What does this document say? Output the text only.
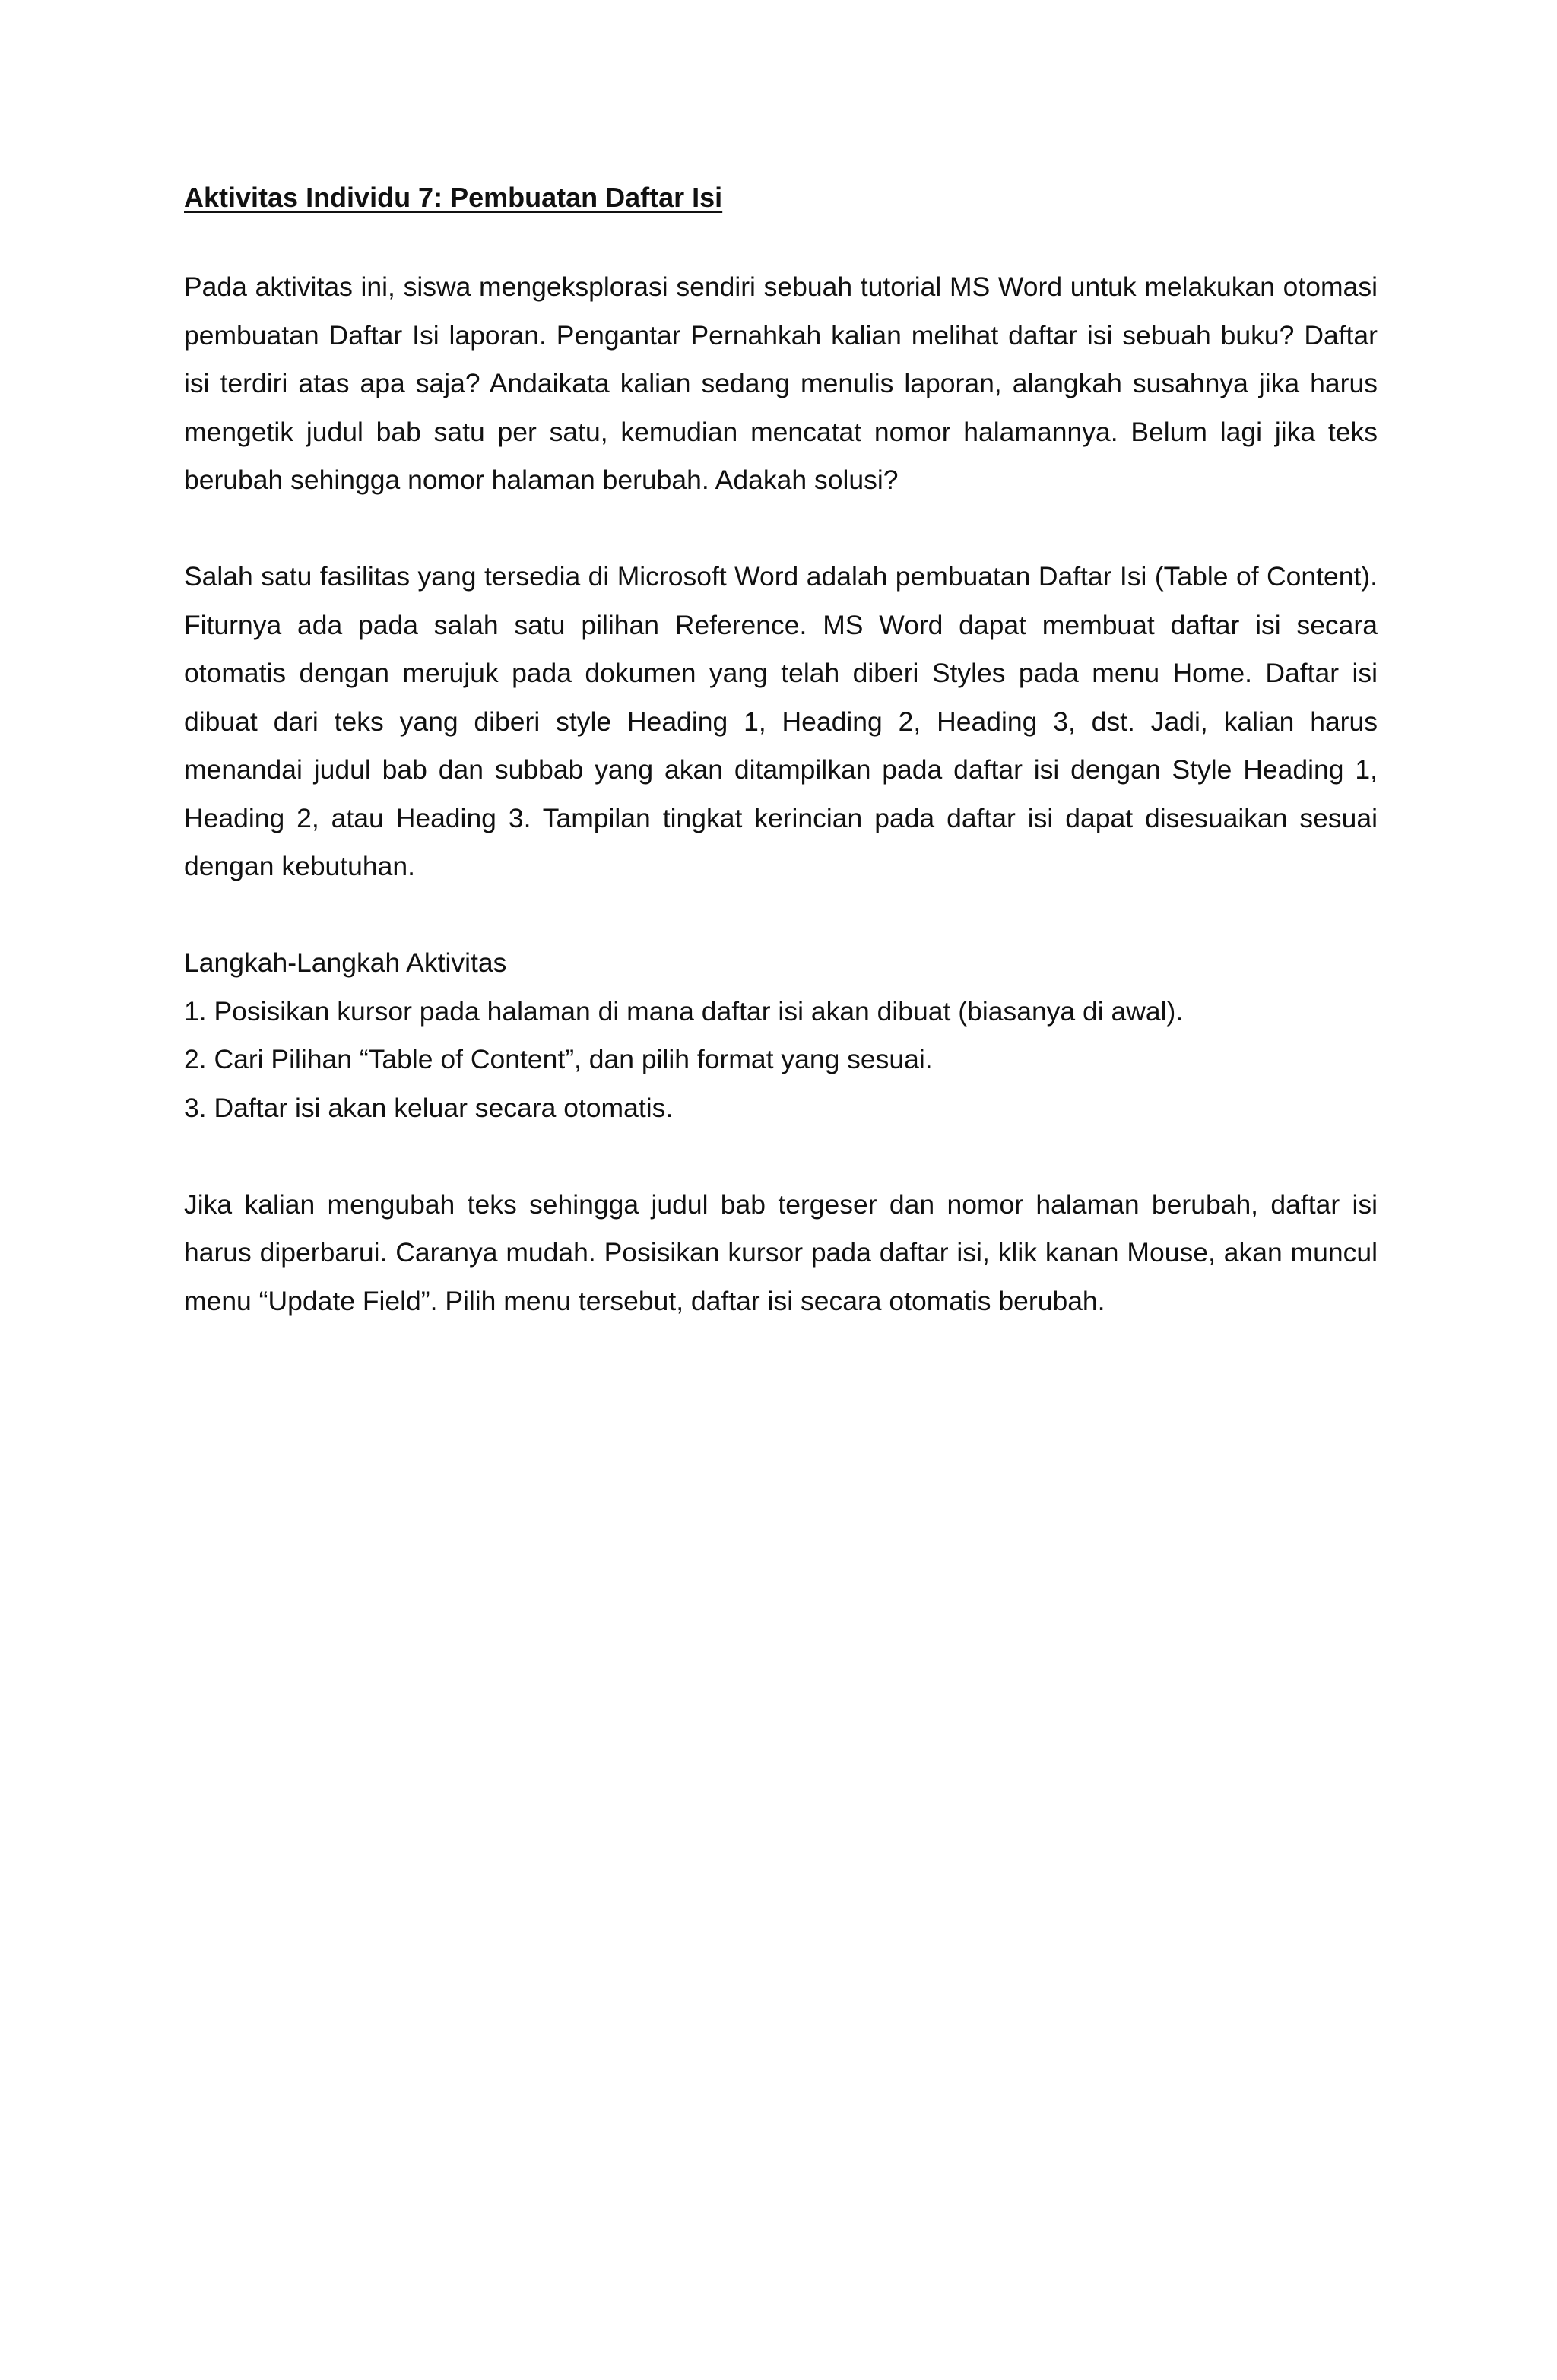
Aktivitas Individu 7: Pembuatan Daftar Isi

Pada aktivitas ini, siswa mengeksplorasi sendiri sebuah tutorial MS Word untuk melakukan otomasi pembuatan Daftar Isi laporan. Pengantar Pernahkah kalian melihat daftar isi sebuah buku? Daftar isi terdiri atas apa saja? Andaikata kalian sedang menulis laporan, alangkah susahnya jika harus mengetik judul bab satu per satu, kemudian mencatat nomor halamannya. Belum lagi jika teks berubah sehingga nomor halaman berubah. Adakah solusi?

Salah satu fasilitas yang tersedia di Microsoft Word adalah pembuatan Daftar Isi (Table of Content). Fiturnya ada pada salah satu pilihan Reference. MS Word dapat membuat daftar isi secara otomatis dengan merujuk pada dokumen yang telah diberi Styles pada menu Home. Daftar isi dibuat dari teks yang diberi style Heading 1, Heading 2, Heading 3, dst. Jadi, kalian harus menandai judul bab dan subbab yang akan ditampilkan pada daftar isi dengan Style Heading 1, Heading 2, atau Heading 3. Tampilan tingkat kerincian pada daftar isi dapat disesuaikan sesuai dengan kebutuhan.

Langkah-Langkah Aktivitas

1. Posisikan kursor pada halaman di mana daftar isi akan dibuat (biasanya di awal).

2. Cari Pilihan “Table of Content”, dan pilih format yang sesuai.

3. Daftar isi akan keluar secara otomatis.

Jika kalian mengubah teks sehingga judul bab tergeser dan nomor halaman berubah, daftar isi harus diperbarui. Caranya mudah. Posisikan kursor pada daftar isi, klik kanan Mouse, akan muncul menu “Update Field”. Pilih menu tersebut, daftar isi secara otomatis berubah.
